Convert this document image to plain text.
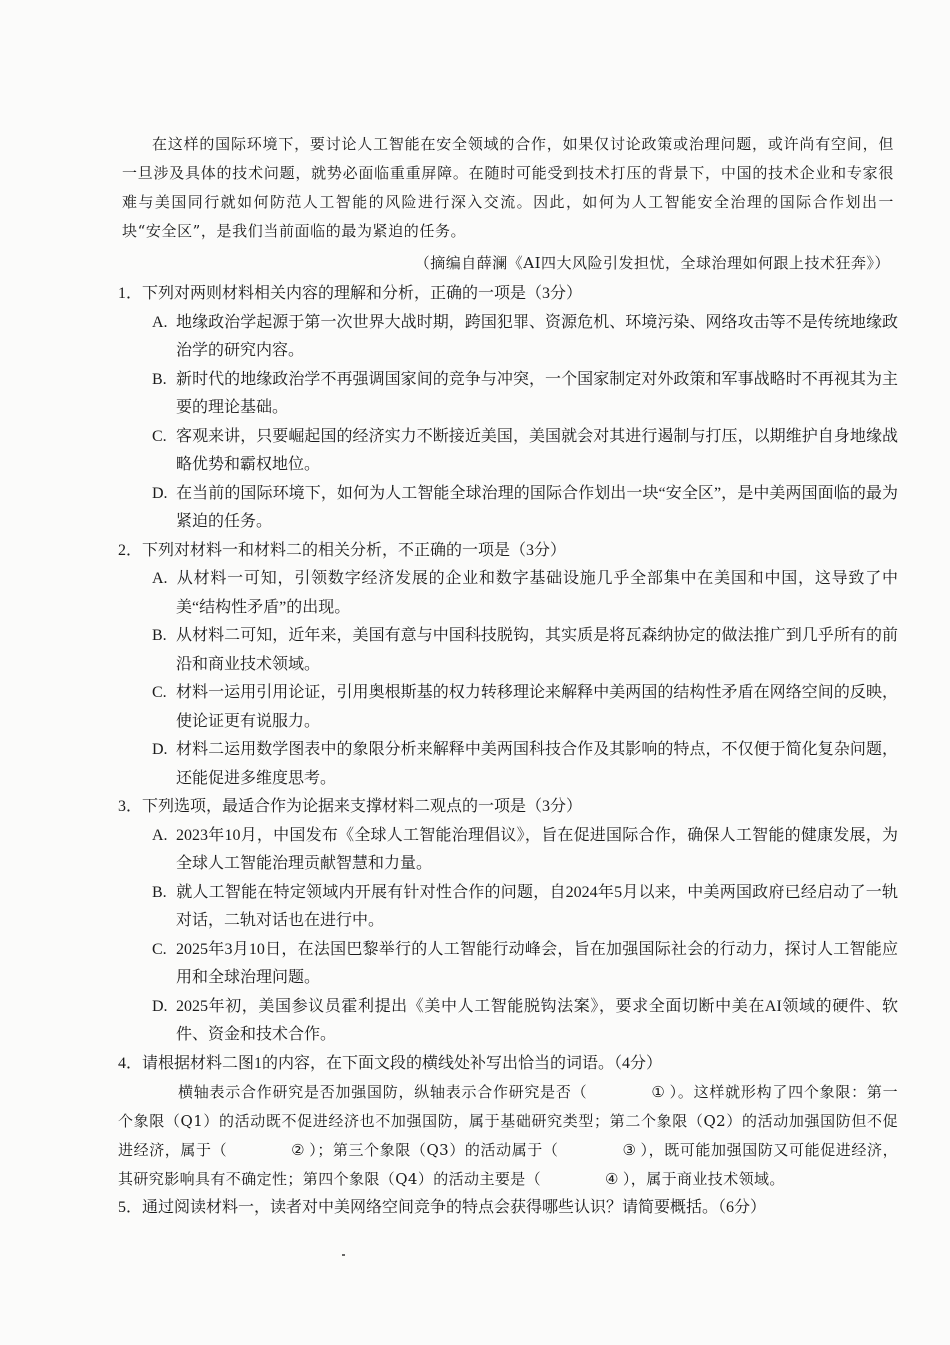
在这样的国际环境下，要讨论人工智能在安全领域的合作，如果仅讨论政策或治理问题，或许尚有空间，但一旦涉及具体的技术问题，就势必面临重重屏障。在随时可能受到技术打压的背景下，中国的技术企业和专家很难与美国同行就如何防范人工智能的风险进行深入交流。因此，如何为人工智能安全治理的国际合作划出一块“安全区”，是我们当前面临的最为紧迫的任务。

（摘编自薛澜《AI四大风险引发担忧，全球治理如何跟上技术狂奔》）

1．下列对两则材料相关内容的理解和分析，正确的一项是（3分）

A. 地缘政治学起源于第一次世界大战时期，跨国犯罪、资源危机、环境污染、网络攻击等不是传统地缘政治学的研究内容。
B. 新时代的地缘政治学不再强调国家间的竞争与冲突，一个国家制定对外政策和军事战略时不再视其为主要的理论基础。
C. 客观来讲，只要崛起国的经济实力不断接近美国，美国就会对其进行遏制与打压，以期维护自身地缘战略优势和霸权地位。
D. 在当前的国际环境下，如何为人工智能全球治理的国际合作划出一块“安全区”，是中美两国面临的最为紧迫的任务。

2．下列对材料一和材料二的相关分析，不正确的一项是（3分）

A. 从材料一可知，引领数字经济发展的企业和数字基础设施几乎全部集中在美国和中国，这导致了中美“结构性矛盾”的出现。
B. 从材料二可知，近年来，美国有意与中国科技脱钩，其实质是将瓦森纳协定的做法推广到几乎所有的前沿和商业技术领域。
C. 材料一运用引用论证，引用奥根斯基的权力转移理论来解释中美两国的结构性矛盾在网络空间的反映，使论证更有说服力。
D. 材料二运用数学图表中的象限分析来解释中美两国科技合作及其影响的特点，不仅便于简化复杂问题，还能促进多维度思考。

3．下列选项，最适合作为论据来支撑材料二观点的一项是（3分）

A. 2023年10月，中国发布《全球人工智能治理倡议》，旨在促进国际合作，确保人工智能的健康发展，为全球人工智能治理贡献智慧和力量。
B. 就人工智能在特定领域内开展有针对性合作的问题，自2024年5月以来，中美两国政府已经启动了一轨对话，二轨对话也在进行中。
C. 2025年3月10日，在法国巴黎举行的人工智能行动峰会，旨在加强国际社会的行动力，探讨人工智能应用和全球治理问题。
D. 2025年初，美国参议员霍利提出《美中人工智能脱钩法案》，要求全面切断中美在AI领域的硬件、软件、资金和技术合作。

4．请根据材料二图1的内容，在下面文段的横线处补写出恰当的词语。（4分）

横轴表示合作研究是否加强国防，纵轴表示合作研究是否（	① ）。这样就形构了四个象限：第一个象限（Q1）的活动既不促进经济也不加强国防，属于基础研究类型；第二个象限（Q2）的活动加强国防但不促进经济，属于（	② ）；第三个象限（Q3）的活动属于（	③ ），既可能加强国防又可能促进经济，其研究影响具有不确定性；第四个象限（Q4）的活动主要是（	④ ），属于商业技术领域。

5．通过阅读材料一，读者对中美网络空间竞争的特点会获得哪些认识？请简要概括。（6分）
